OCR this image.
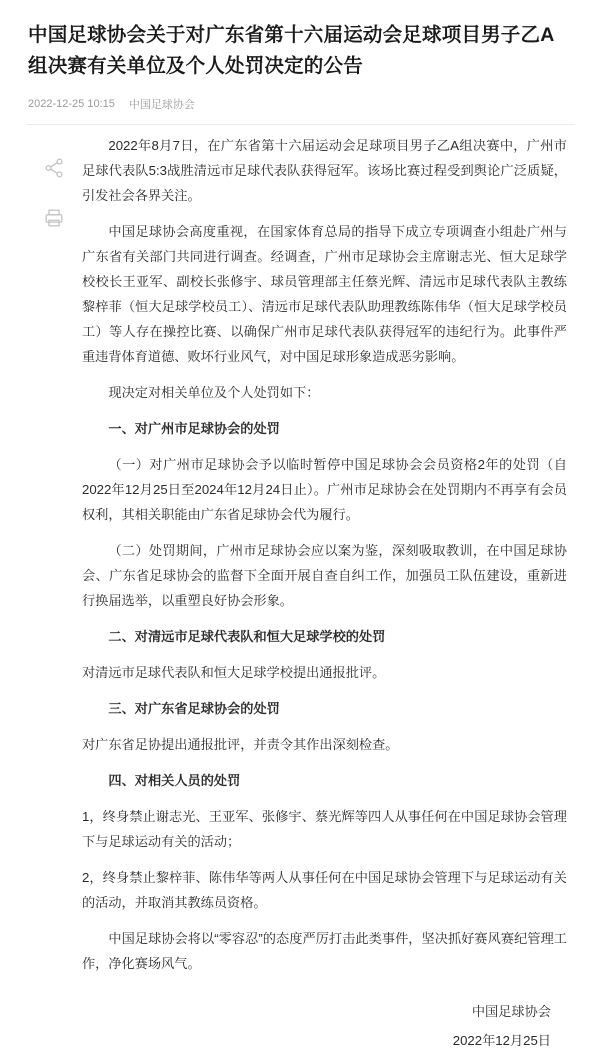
中国足球协会关于对广东省第十六届运动会足球项目男子乙A组决赛有关单位及个人处罚决定的公告
2022-12-25 10:15 中国足球协会

2022年8月7日，在广东省第十六届运动会足球项目男子乙A组决赛中，广州市足球代表队5:3战胜清远市足球代表队获得冠军。该场比赛过程受到舆论广泛质疑，引发社会各界关注。

中国足球协会高度重视，在国家体育总局的指导下成立专项调查小组赴广州与广东省有关部门共同进行调查。经调查，广州市足球协会主席谢志光、恒大足球学校校长王亚军、副校长张修宇、球员管理部主任蔡光辉、清远市足球代表队主教练黎梓菲（恒大足球学校员工）、清远市足球代表队助理教练陈伟华（恒大足球学校员工）等人存在操控比赛、以确保广州市足球代表队获得冠军的违纪行为。此事件严重违背体育道德、败坏行业风气，对中国足球形象造成恶劣影响。

现决定对相关单位及个人处罚如下：

一、对广州市足球协会的处罚

（一）对广州市足球协会予以临时暂停中国足球协会会员资格2年的处罚（自2022年12月25日至2024年12月24日止）。广州市足球协会在处罚期内不再享有会员权利，其相关职能由广东省足球协会代为履行。

（二）处罚期间，广州市足球协会应以案为鉴，深刻吸取教训，在中国足球协会、广东省足球协会的监督下全面开展自查自纠工作，加强员工队伍建设，重新进行换届选举，以重塑良好协会形象。

二、对清远市足球代表队和恒大足球学校的处罚

对清远市足球代表队和恒大足球学校提出通报批评。

三、对广东省足球协会的处罚

对广东省足协提出通报批评，并责令其作出深刻检查。

四、对相关人员的处罚

1，终身禁止谢志光、王亚军、张修宇、蔡光辉等四人从事任何在中国足球协会管理下与足球运动有关的活动；

2，终身禁止黎梓菲、陈伟华等两人从事任何在中国足球协会管理下与足球运动有关的活动，并取消其教练员资格。

中国足球协会将以“零容忍”的态度严厉打击此类事件，坚决抓好赛风赛纪管理工作，净化赛场风气。

中国足球协会
2022年12月25日
